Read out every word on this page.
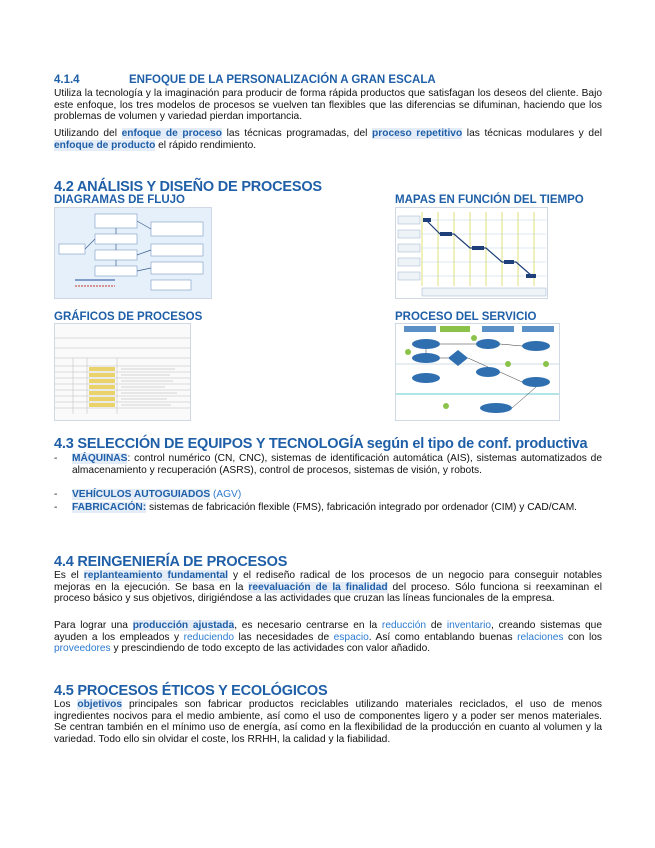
4.1.4	ENFOQUE DE LA PERSONALIZACIÓN A GRAN ESCALA

Utiliza la tecnología y la imaginación para producir de forma rápida productos que satisfagan los deseos del cliente. Bajo este enfoque, los tres modelos de procesos se vuelven tan flexibles que las diferencias se difuminan, haciendo que los problemas de volumen y variedad pierdan importancia.

Utilizando del enfoque de proceso las técnicas programadas, del proceso repetitivo las técnicas modulares y del enfoque de producto el rápido rendimiento.

4.2 ANÁLISIS Y DISEÑO DE PROCESOS
DIAGRAMAS DE FLUJO	MAPAS EN FUNCIÓN DEL TIEMPO
GRÁFICOS DE PROCESOS	PROCESO DEL SERVICIO
4.3 SELECCIÓN DE EQUIPOS Y TECNOLOGÍA según el tipo de conf. productiva
- MÁQUINAS: control numérico (CN, CNC), sistemas de identificación automática (AIS), sistemas automatizados de almacenamiento y recuperación (ASRS), control de procesos, sistemas de visión, y robots.

- VEHÍCULOS AUTOGUIADOS (AGV)

- FABRICACIÓN: sistemas de fabricación flexible (FMS), fabricación integrado por ordenador (CIM) y CAD/CAM.

4.4 REINGENIERÍA DE PROCESOS

Es el replanteamiento fundamental y el rediseño radical de los procesos de un negocio para conseguir notables mejoras en la ejecución. Se basa en la reevaluación de la finalidad del proceso. Sólo funciona si reexaminan el proceso básico y sus objetivos, dirigiéndose a las actividades que cruzan las líneas funcionales de la empresa.

Para lograr una producción ajustada, es necesario centrarse en la reducción de inventario, creando sistemas que ayuden a los empleados y reduciendo las necesidades de espacio. Así como entablando buenas relaciones con los proveedores y prescindiendo de todo excepto de las actividades con valor añadido.

4.5 PROCESOS ÉTICOS Y ECOLÓGICOS

Los objetivos principales son fabricar productos reciclables utilizando materiales reciclados, el uso de menos ingredientes nocivos para el medio ambiente, así como el uso de componentes ligero y a poder ser menos materiales. Se centran también en el mínimo uso de energía, así como en la flexibilidad de la producción en cuanto al volumen y la variedad. Todo ello sin olvidar el coste, los RRHH, la calidad y la fiabilidad.
